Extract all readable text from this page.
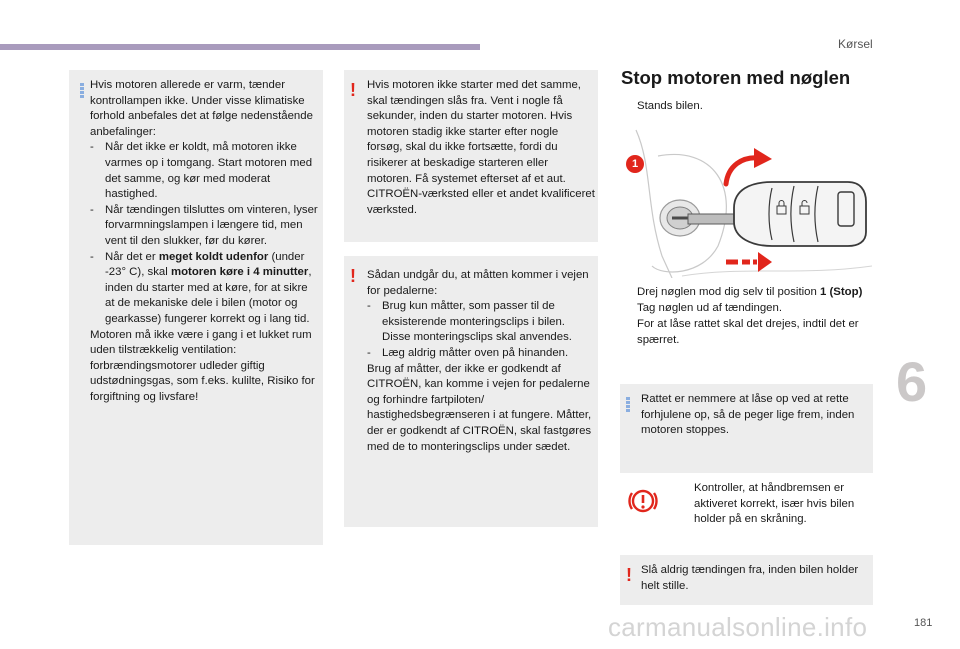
Kørsel

Hvis motoren allerede er varm, tænder kontrollampen ikke. Under visse klimatiske forhold anbefales det at følge nedenstående anbefalinger:

- Når det ikke er koldt, må motoren ikke varmes op i tomgang. Start motoren med det samme, og kør med moderat hastighed.
- Når tændingen tilsluttes om vinteren, lyser forvarmningslampen i længere tid, men vent til den slukker, før du kører.
- Når det er meget koldt udenfor (under -23° C), skal motoren køre i 4 minutter, inden du starter med at køre, for at sikre at de mekaniske dele i bilen (motor og gearkasse) fungerer korrekt og i lang tid.

Motoren må ikke være i gang i et lukket rum uden tilstrækkelig ventilation: forbrændingsmotorer udleder giftig udstødningsgas, som f.eks. kulilte, Risiko for forgiftning og livsfare!

! Hvis motoren ikke starter med det samme, skal tændingen slås fra. Vent i nogle få sekunder, inden du starter motoren. Hvis motoren stadig ikke starter efter nogle forsøg, skal du ikke fortsætte, fordi du risikerer at beskadige starteren eller motoren. Få systemet efterset af et aut. CITROËN-værksted eller et andet kvalificeret værksted.

! Sådan undgår du, at måtten kommer i vejen for pedalerne:

- Brug kun måtter, som passer til de eksisterende monteringsclips i bilen. Disse monteringsclips skal anvendes.
- Læg aldrig måtter oven på hinanden.

Brug af måtter, der ikke er godkendt af CITROËN, kan komme i vejen for pedalerne og forhindre fartpiloten/ hastighedsbegrænseren i at fungere. Måtter, der er godkendt af CITROËN, skal fastgøres med de to monteringsclips under sædet.

Stop motoren med nøglen
Stands bilen.
1
Drej nøglen mod dig selv til position 1 (Stop)
Tag nøglen ud af tændingen.
For at låse rattet skal det drejes, indtil det er spærret.

Rattet er nemmere at låse op ved at rette forhjulene op, så de peger lige frem, inden motoren stoppes.

Kontroller, at håndbremsen er aktiveret korrekt, især hvis bilen holder på en skråning.
! Slå aldrig tændingen fra, inden bilen holder helt stille.

6
carmanualsonline.info	181
